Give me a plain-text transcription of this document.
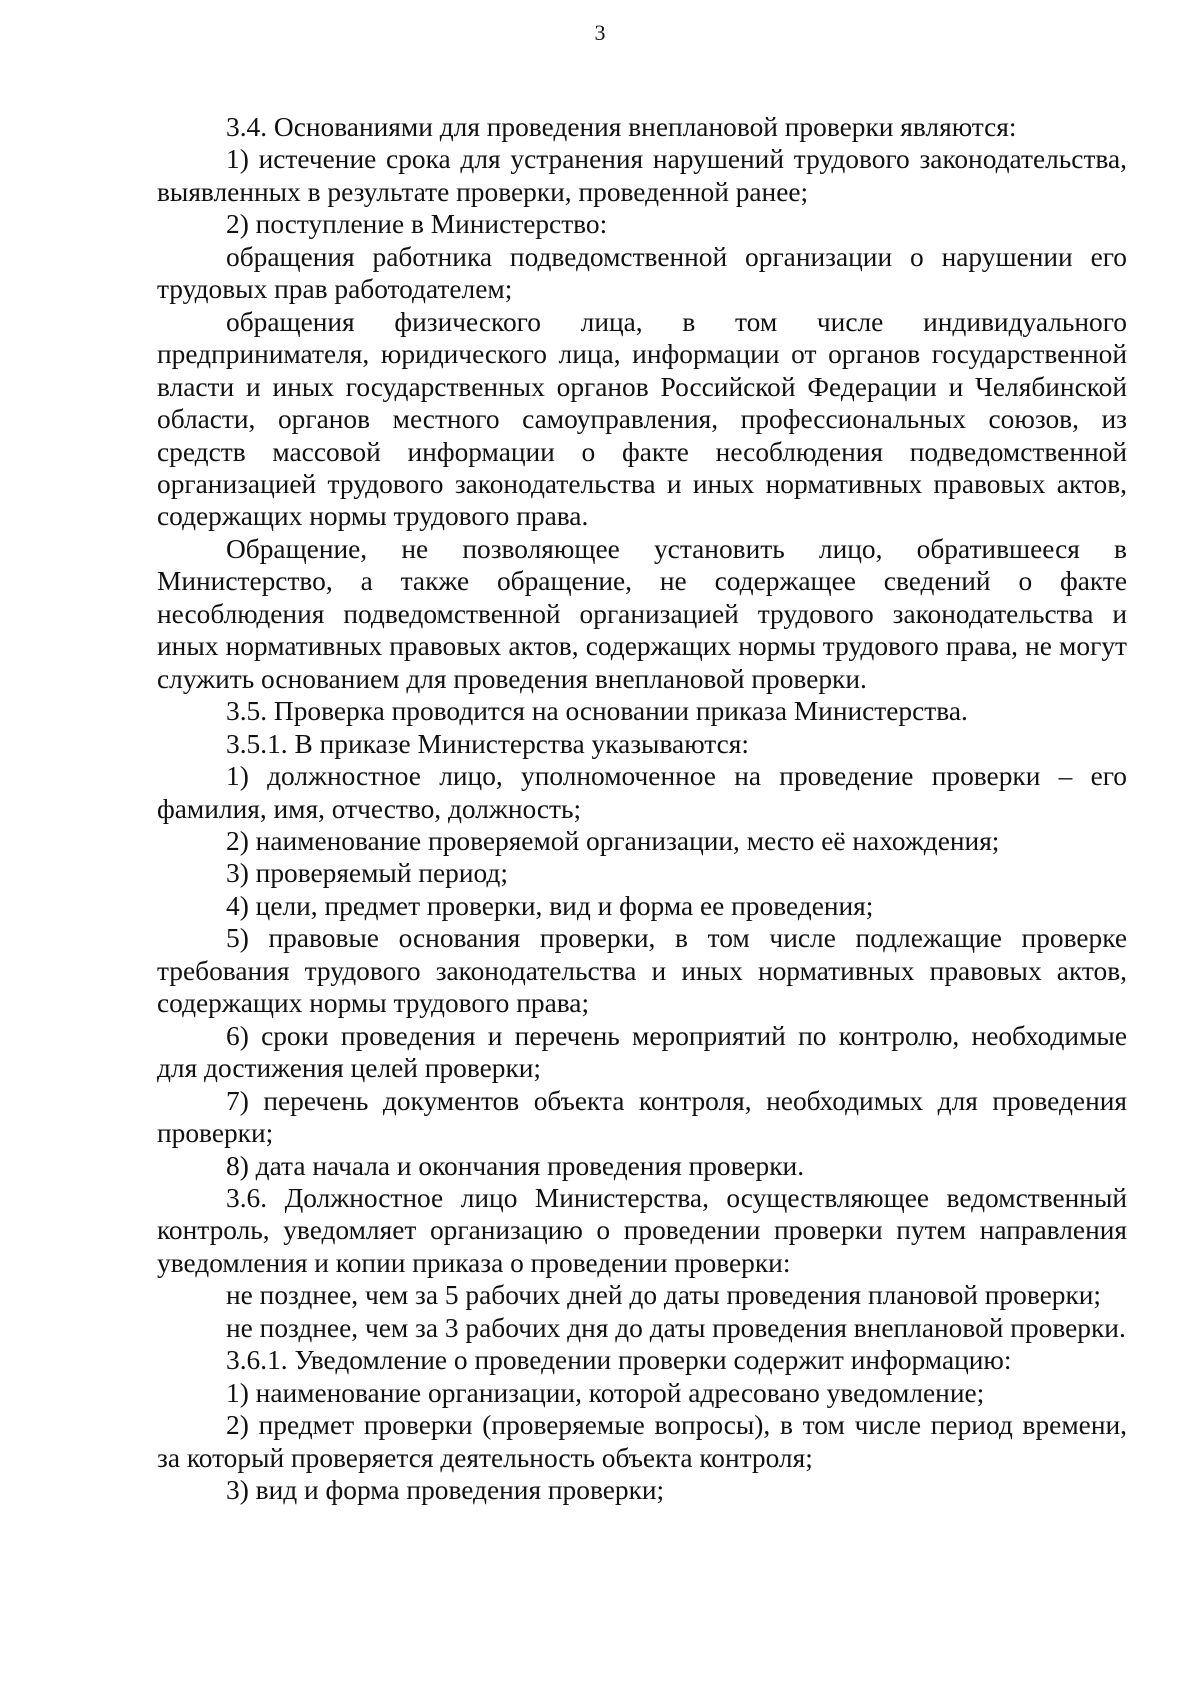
3

3.4. Основаниями для проведения внеплановой проверки являются:

1) истечение срока для устранения нарушений трудового законодательства, выявленных в результате проверки, проведенной ранее;

2) поступление в Министерство:

обращения работника подведомственной организации о нарушении его трудовых прав работодателем;

обращения физического лица, в том числе индивидуального предпринимателя, юридического лица, информации от органов государственной власти и иных государственных органов Российской Федерации и Челябинской области, органов местного самоуправления, профессиональных союзов, из средств массовой информации о факте несоблюдения подведомственной организацией трудового законодательства и иных нормативных правовых актов, содержащих нормы трудового права.

Обращение, не позволяющее установить лицо, обратившееся в Министерство, а также обращение, не содержащее сведений о факте несоблюдения подведомственной организацией трудового законодательства и иных нормативных правовых актов, содержащих нормы трудового права, не могут служить основанием для проведения внеплановой проверки.

3.5. Проверка проводится на основании приказа Министерства.

3.5.1. В приказе Министерства указываются:

1) должностное лицо, уполномоченное на проведение проверки – его фамилия, имя, отчество, должность;

2) наименование проверяемой организации, место её нахождения;

3) проверяемый период;

4) цели, предмет проверки, вид и форма ее проведения;

5) правовые основания проверки, в том числе подлежащие проверке требования трудового законодательства и иных нормативных правовых актов, содержащих нормы трудового права;

6) сроки проведения и перечень мероприятий по контролю, необходимые для достижения целей проверки;

7) перечень документов объекта контроля, необходимых для проведения проверки;

8) дата начала и окончания проведения проверки.

3.6. Должностное лицо Министерства, осуществляющее ведомственный контроль, уведомляет организацию о проведении проверки путем направления уведомления и копии приказа о проведении проверки:

не позднее, чем за 5 рабочих дней до даты проведения плановой проверки;

не позднее, чем за 3 рабочих дня до даты проведения внеплановой проверки.

3.6.1. Уведомление о проведении проверки содержит информацию:

1) наименование организации, которой адресовано уведомление;

2) предмет проверки (проверяемые вопросы), в том числе период времени, за который проверяется деятельность объекта контроля;

3) вид и форма проведения проверки;
